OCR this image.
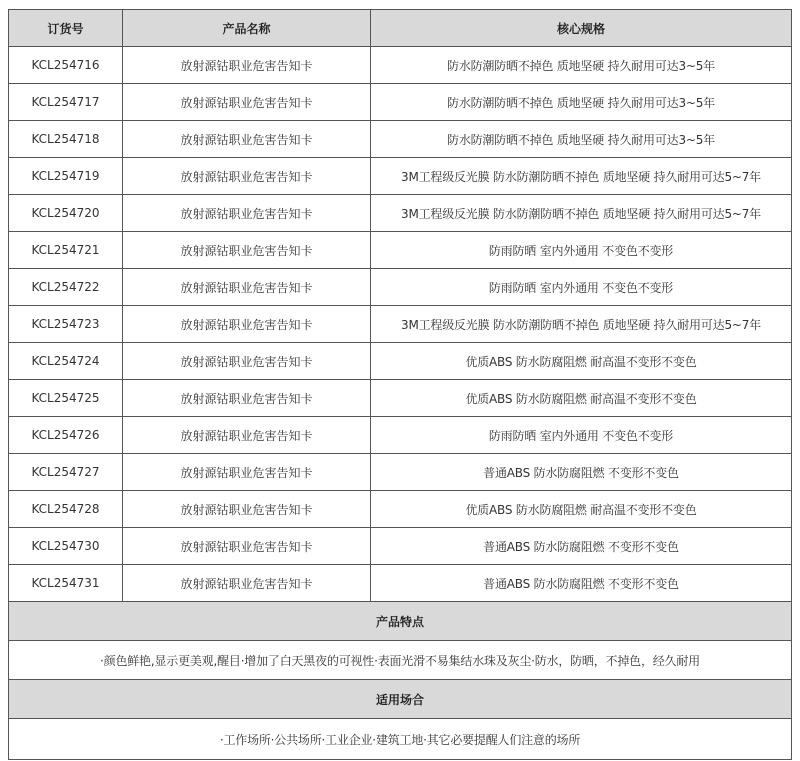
订货号	产品名称	核心规格
KCL254716	放射源钴职业危害告知卡	防水防潮防晒不掉色 质地坚硬 持久耐用可达3~5年
KCL254717	放射源钴职业危害告知卡	防水防潮防晒不掉色 质地坚硬 持久耐用可达3~5年
KCL254718	放射源钴职业危害告知卡	防水防潮防晒不掉色 质地坚硬 持久耐用可达3~5年
KCL254719	放射源钴职业危害告知卡	3M工程级反光膜 防水防潮防晒不掉色 质地坚硬 持久耐用可达5~7年
KCL254720	放射源钴职业危害告知卡	3M工程级反光膜 防水防潮防晒不掉色 质地坚硬 持久耐用可达5~7年
KCL254721	放射源钴职业危害告知卡	防雨防晒 室内外通用 不变色不变形
KCL254722	放射源钴职业危害告知卡	防雨防晒 室内外通用 不变色不变形
KCL254723	放射源钴职业危害告知卡	3M工程级反光膜 防水防潮防晒不掉色 质地坚硬 持久耐用可达5~7年
KCL254724	放射源钴职业危害告知卡	优质ABS 防水防腐阻燃 耐高温不变形不变色
KCL254725	放射源钴职业危害告知卡	优质ABS 防水防腐阻燃 耐高温不变形不变色
KCL254726	放射源钴职业危害告知卡	防雨防晒 室内外通用 不变色不变形
KCL254727	放射源钴职业危害告知卡	普通ABS 防水防腐阻燃 不变形不变色
KCL254728	放射源钴职业危害告知卡	优质ABS 防水防腐阻燃 耐高温不变形不变色
KCL254730	放射源钴职业危害告知卡	普通ABS 防水防腐阻燃 不变形不变色
KCL254731	放射源钴职业危害告知卡	普通ABS 防水防腐阻燃 不变形不变色
产品特点		
·颜色鲜艳,显示更美观,醒目·增加了白天黑夜的可视性·表面光滑不易集结水珠及灰尘·防水，防晒，不掉色，经久耐用		
适用场合		
·工作场所·公共场所·工业企业·建筑工地·其它必要提醒人们注意的场所		
